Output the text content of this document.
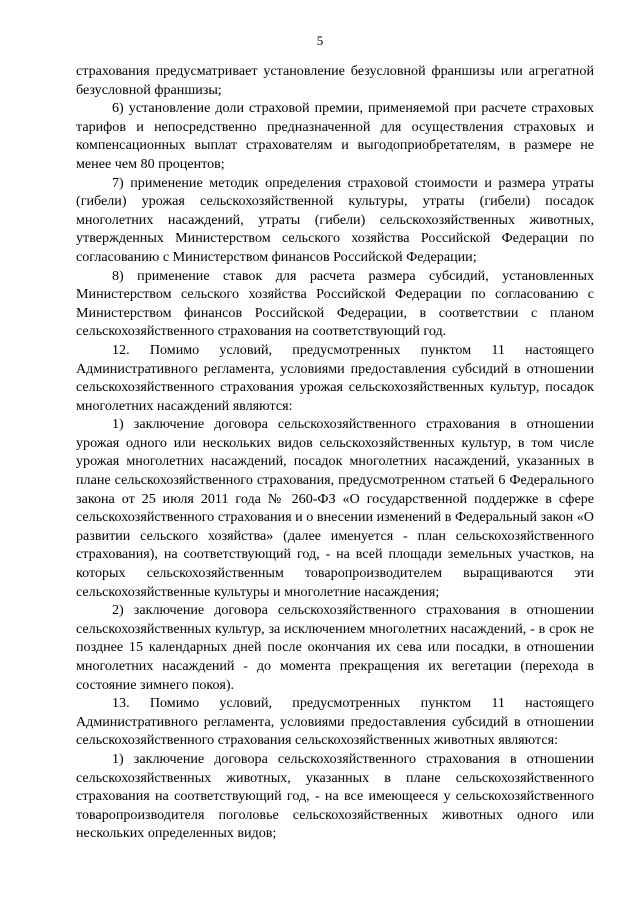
5

страхования предусматривает установление безусловной франшизы или агрегатной безусловной франшизы;

6) установление доли страховой премии, применяемой при расчете страховых тарифов и непосредственно предназначенной для осуществления страховых и компенсационных выплат страхователям и выгодоприобретателям, в размере не менее чем 80 процентов;

7) применение методик определения страховой стоимости и размера утраты (гибели) урожая сельскохозяйственной культуры, утраты (гибели) посадок многолетних насаждений, утраты (гибели) сельскохозяйственных животных, утвержденных Министерством сельского хозяйства Российской Федерации по согласованию с Министерством финансов Российской Федерации;

8) применение ставок для расчета размера субсидий, установленных Министерством сельского хозяйства Российской Федерации по согласованию с Министерством финансов Российской Федерации, в соответствии с планом сельскохозяйственного страхования на соответствующий год.

12. Помимо условий, предусмотренных пунктом 11 настоящего Административного регламента, условиями предоставления субсидий в отношении сельскохозяйственного страхования урожая сельскохозяйственных культур, посадок многолетних насаждений являются:

1) заключение договора сельскохозяйственного страхования в отношении урожая одного или нескольких видов сельскохозяйственных культур, в том числе урожая многолетних насаждений, посадок многолетних насаждений, указанных в плане сельскохозяйственного страхования, предусмотренном статьей 6 Федерального закона от 25 июля 2011 года № 260-ФЗ «О государственной поддержке в сфере сельскохозяйственного страхования и о внесении изменений в Федеральный закон «О развитии сельского хозяйства» (далее именуется - план сельскохозяйственного страхования), на соответствующий год, - на всей площади земельных участков, на которых сельскохозяйственным товаропроизводителем выращиваются эти сельскохозяйственные культуры и многолетние насаждения;

2) заключение договора сельскохозяйственного страхования в отношении сельскохозяйственных культур, за исключением многолетних насаждений, - в срок не позднее 15 календарных дней после окончания их сева или посадки, в отношении многолетних насаждений - до момента прекращения их вегетации (перехода в состояние зимнего покоя).

13. Помимо условий, предусмотренных пунктом 11 настоящего Административного регламента, условиями предоставления субсидий в отношении сельскохозяйственного страхования сельскохозяйственных животных являются:

1) заключение договора сельскохозяйственного страхования в отношении сельскохозяйственных животных, указанных в плане сельскохозяйственного страхования на соответствующий год, - на все имеющееся у сельскохозяйственного товаропроизводителя поголовье сельскохозяйственных животных одного или нескольких определенных видов;
